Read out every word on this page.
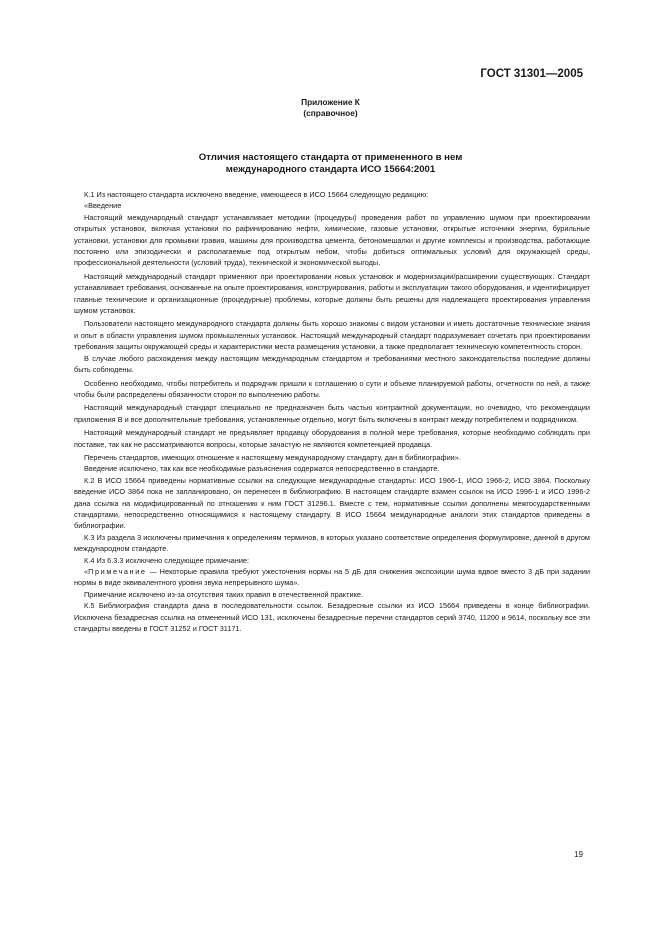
ГОСТ 31301—2005
Приложение К
(справочное)
Отличия настоящего стандарта от примененного в нем
международного стандарта ИСО 15664:2001

К.1 Из настоящего стандарта исключено введение, имеющееся в ИСО 15664 следующую редакцию:

«Введение

Настоящий международный стандарт устанавливает методики (процедуры) проведения работ по управлению шумом при проектировании открытых установок, включая установки по рафинированию нефти, химические, газовые установки, открытые источники энергии, бурильные установки, установки для промывки гравия, машины для производства цемента, бетономешалки и другие комплексы и производства, работающие постоянно или эпизодически и располагаемые под открытым небом, чтобы добиться оптимальных условий для окружающей среды, профессиональной деятельности (условий труда), технической и экономической выгоды.

Настоящий международный стандарт применяют при проектировании новых установок и модернизации/расширении существующих. Стандарт устанавливает требования, основанные на опыте проектирования, конструирования, работы и эксплуатации такого оборудования, и идентифицирует главные технические и организационные (процедурные) проблемы, которые должны быть решены для надлежащего проектирования управления шумом установок.

Пользователи настоящего международного стандарта должны быть хорошо знакомы с видом установки и иметь достаточные технические знания и опыт в области управления шумом промышленных установок. Настоящий международный стандарт подразумевает сочетать при проектировании требования защиты окружающей среды и характеристики места размещения установки, а также предполагает техническую компетентность сторон.

В случае любого расхождения между настоящим международным стандартом и требованиями местного законодательства последние должны быть соблюдены.

Особенно необходимо, чтобы потребитель и подрядчик пришли к соглашению о сути и объеме планируемой работы, отчетности по ней, а также чтобы были распределены обязанности сторон по выполнению работы.

Настоящий международный стандарт специально не предназначен быть частью контрактной документации, но очевидно, что рекомендации приложения В и все дополнительные требования, установленные отдельно, могут быть включены в контракт между потребителем и подрядчиком.

Настоящий международный стандарт не предъявляет продавцу оборудования в полной мере требования, которые необходимо соблюдать при поставке, так как не рассматриваются вопросы, которые зачастую не являются компетенцией продавца.

Перечень стандартов, имеющих отношение к настоящему международному стандарту, дан в библиографии».

Введение исключено, так как все необходимые разъяснения содержатся непосредственно в стандарте.

К.2 В ИСО 15664 приведены нормативные ссылки на следующие международные стандарты: ИСО 1966-1, ИСО 1966-2, ИСО 3864. Поскольку введение ИСО 3864 пока не запланировано, он перенесен в библиографию. В настоящем стандарте взамен ссылок на ИСО 1996-1 и ИСО 1996-2 дана ссылка на модифицированный по отношению к ним ГОСТ 31296.1. Вместе с тем, нормативные ссылки дополнены межгосударственными стандартами, непосредственно относящимися к настоящему стандарту. В ИСО 15664 международные аналоги этих стандартов приведены в библиографии.

К.3 Из раздела 3 исключены примечания к определениям терминов, в которых указано соответствие определения формулировке, данной в другом международном стандарте.

К.4 Из 6.3.3 исключено следующее примечание:

«Примечание — Некоторые правила требуют ужесточения нормы на 5 дБ для снижения экспозиции шума вдвое вместо 3 дБ при задании нормы в виде эквивалентного уровня звука непрерывного шума».

Примечание исключено из-за отсутствия таких правил в отечественной практике.

К.5 Библиография стандарта дана в последовательности ссылок. Безадресные ссылки из ИСО 15664 приведены в конце библиографии. Исключена безадресная ссылка на отмененный ИСО 131, исключены безадресные перечни стандартов серий 3740, 11200 и 9614, поскольку все эти стандарты введены в ГОСТ 31252 и ГОСТ 31171.

19
